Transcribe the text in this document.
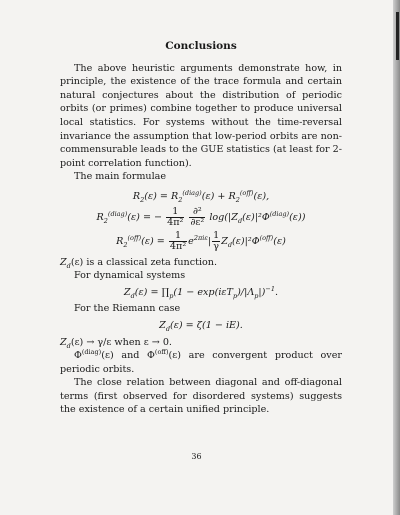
Conclusions

The above heuristic arguments demonstrate how, in principle, the existence of the trace formula and certain natural conjectures about the distribution of periodic orbits (or primes) combine together to produce universal local statistics. For systems without the time-reversal invariance the assumption that low-period orbits are non-commensurable leads to the GUE statistics (at least for 2-point correlation function).

The main formulae

$R_2(\varepsilon) = R_2^{(diag)}(\varepsilon) + R_2^{(off)}(\varepsilon)$,
$R_2^{(diag)}(\varepsilon)$ = − $\frac{1}{\text{4π²}}$
$\frac{\text{∂²}}{\text{∂ε²}} \log(|Z_d(\varepsilon)|^2\Phi^{(diag)}(\varepsilon))$
$R_2^{(off)}(\varepsilon) = \frac{1}{\text{4π²}} e^{2\pi i\varepsilon}| \frac{1}{\gamma} Z_d(\varepsilon)|^2\Phi^{(off)}(\varepsilon)$

$Z_d(\varepsilon)$ is a classical zeta function.

For dynamical systems

$Z_d(\varepsilon)$ = $\prod_p(1 - \exp(i\varepsilon T_p)/|\Lambda_p|)^{-1}$.

For the Riemann case

$Z_d(\varepsilon) = \zeta(1 - iE)$.

$Z_d(\varepsilon) \to \gamma/\varepsilon$ when ε → 0.

$\Phi^{(diag)}(\varepsilon)$ and $\Phi^{(off)}(\varepsilon)$ are convergent product over periodic orbits.

The close relation between diagonal and off-diagonal terms (first observed for disordered systems) suggests the existence of a certain unified principle.

36
